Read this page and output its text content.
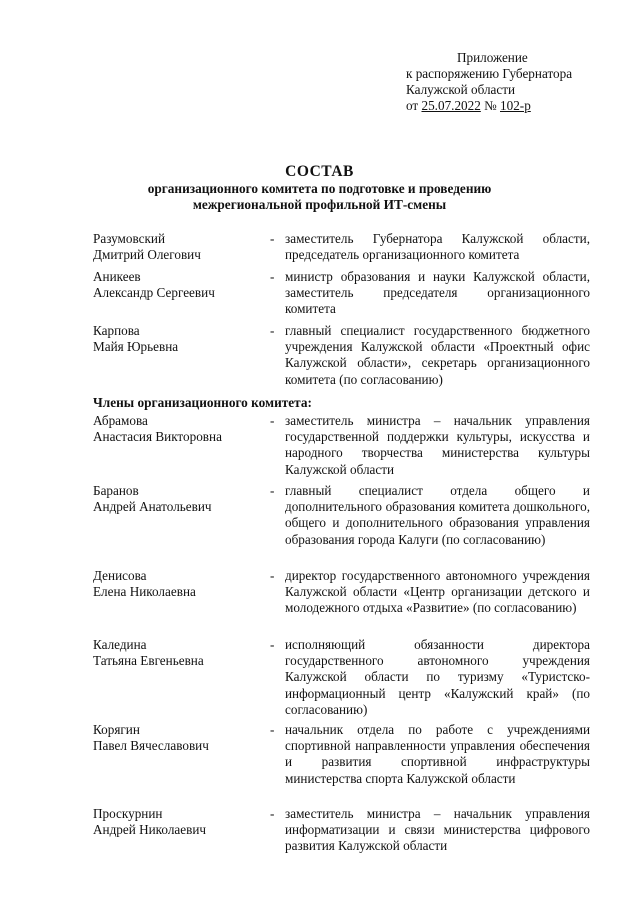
Приложение
к распоряжению Губернатора
Калужской области
от 25.07.2022 № 102-р
СОСТАВ
организационного комитета по подготовке и проведению
межрегиональной профильной ИТ-смены
Разумовский
Дмитрий Олегович
- заместитель Губернатора Калужской области, председатель организационного комитета
Аникеев
Александр Сергеевич
- министр образования и науки Калужской области, заместитель председателя организационного комитета
Карпова
Майя Юрьевна
- главный специалист государственного бюджетного учреждения Калужской области «Проектный офис Калужской области», секретарь организационного комитета (по согласованию)
Члены организационного комитета:
Абрамова
Анастасия Викторовна
- заместитель министра – начальник управления государственной поддержки культуры, искусства и народного творчества министерства культуры Калужской области
Баранов
Андрей Анатольевич
- главный специалист отдела общего и дополнительного образования комитета дошкольного, общего и дополнительного образования управления образования города Калуги (по согласованию)
Денисова
Елена Николаевна
- директор государственного автономного учреждения Калужской области «Центр организации детского и молодежного отдыха «Развитие» (по согласованию)
Каледина
Татьяна Евгеньевна
- исполняющий обязанности директора государственного автономного учреждения Калужской области по туризму «Туристско-информационный центр «Калужский край» (по согласованию)
Корягин
Павел Вячеславович
- начальник отдела по работе с учреждениями спортивной направленности управления обеспечения и развития спортивной инфраструктуры министерства спорта Калужской области
Проскурнин
Андрей Николаевич
- заместитель министра – начальник управления информатизации и связи министерства цифрового развития Калужской области
